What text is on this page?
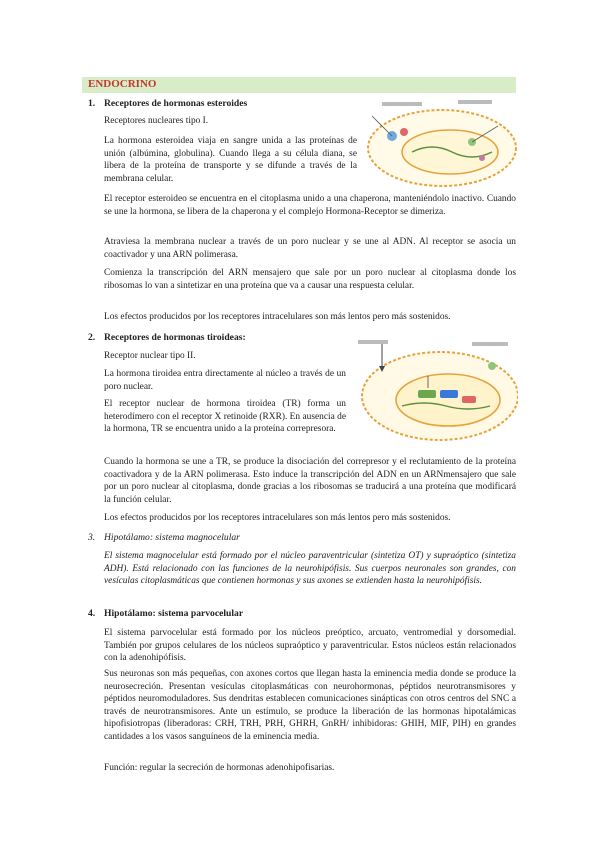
ENDOCRINO
1. Receptores de hormonas esteroides

Receptores nucleares tipo I.

La hormona esteroidea viaja en sangre unida a las proteínas de unión (albúmina, globulina). Cuando llega a su célula diana, se libera de la proteína de transporte y se difunde a través de la membrana celular.

El receptor esteroideo se encuentra en el citoplasma unido a una chaperona, manteniéndolo inactivo. Cuando se une la hormona, se libera de la chaperona y el complejo Hormona-Receptor se dimeriza.

Atraviesa la membrana nuclear a través de un poro nuclear y se une al ADN. Al receptor se asocia un coactivador y una ARN polimerasa.

Comienza la transcripción del ARN mensajero que sale por un poro nuclear al citoplasma donde los ribosomas lo van a sintetizar en una proteína que va a causar una respuesta celular.

Los efectos producidos por los receptores intracelulares son más lentos pero más sostenidos.

2. Receptores de hormonas tiroideas:

Receptor nuclear tipo II.

La hormona tiroidea entra directamente al núcleo a través de un poro nuclear.

El receptor nuclear de hormona tiroidea (TR) forma un heterodímero con el receptor X retinoide (RXR). En ausencia de la hormona, TR se encuentra unido a la proteína correpresora.

Cuando la hormona se une a TR, se produce la disociación del correpresor y el reclutamiento de la proteína coactivadora y de la ARN polimerasa. Esto induce la transcripción del ADN en un ARNmensajero que sale por un poro nuclear al citoplasma, donde gracias a los ribosomas se traducirá a una proteína que modificará la función celular.

Los efectos producidos por los receptores intracelulares son más lentos pero más sostenidos.

3. Hipotálamo: sistema magnocelular

El sistema magnocelular está formado por el núcleo paraventricular (sintetiza OT) y supraóptico (sintetiza ADH). Está relacionado con las funciones de la neurohipófisis. Sus cuerpos neuronales son grandes, con vesículas citoplasmáticas que contienen hormonas y sus axones se extienden hasta la neurohipófisis.

4. Hipotálamo: sistema parvocelular

El sistema parvocelular está formado por los núcleos preóptico, arcuato, ventromedial y dorsomedial. También por grupos celulares de los núcleos supraóptico y paraventricular. Estos núcleos están relacionados con la adenohipófisis.

Sus neuronas son más pequeñas, con axones cortos que llegan hasta la eminencia media donde se produce la neurosecreción. Presentan vesículas citoplasmáticas con neurohormonas, péptidos neurotransmisores y péptidos neuromoduladores. Sus dendritas establecen comunicaciones sinápticas con otros centros del SNC a través de neurotransmisores. Ante un estímulo, se produce la liberación de las hormonas hipotalámicas hipofisiotropas (liberadoras: CRH, TRH, PRH, GHRH, GnRH/ inhibidoras: GHIH, MIF, PIH) en grandes cantidades a los vasos sanguíneos de la eminencia media.

Función: regular la secreción de hormonas adenohipofisarias.
